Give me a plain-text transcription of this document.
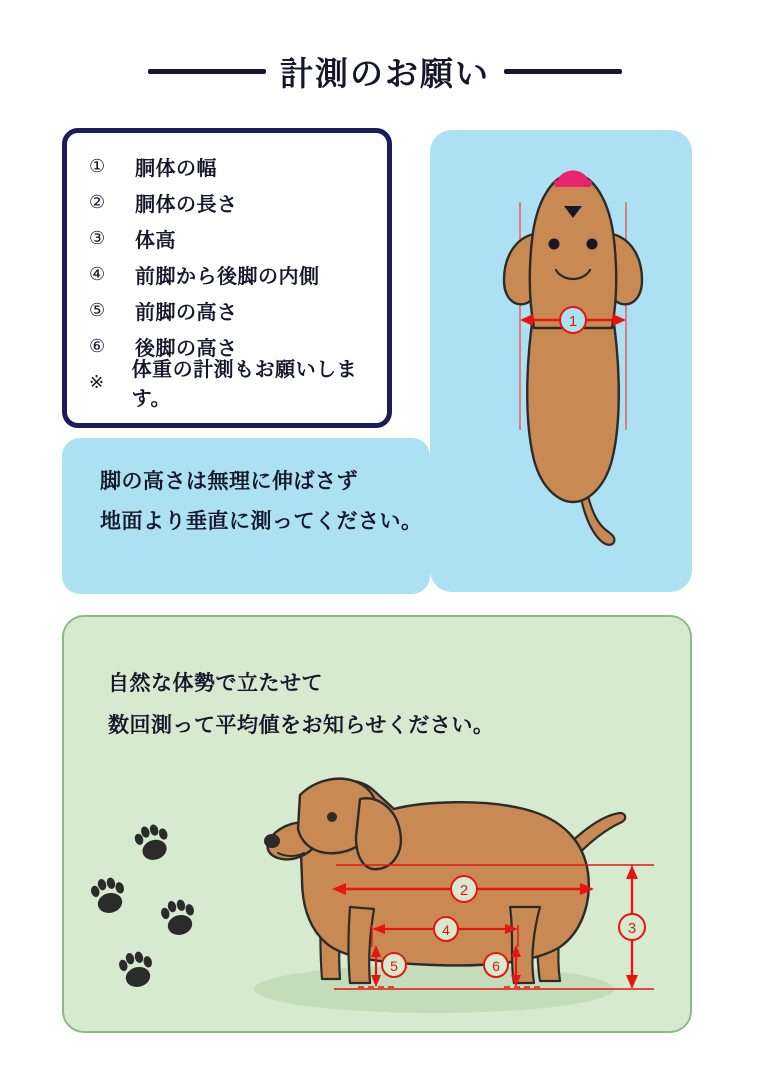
計測のお願い
1
①	胴体の幅
②	胴体の長さ
③	体高
④	前脚から後脚の内側
⑤	前脚の高さ
⑥	後脚の高さ
※
体重の計測もお願いします。
脚の高さは無理に伸ばさず
地面より垂直に測ってください。
自然な体勢で立たせて
数回測って平均値をお知らせください。
2
3
4
5	6
